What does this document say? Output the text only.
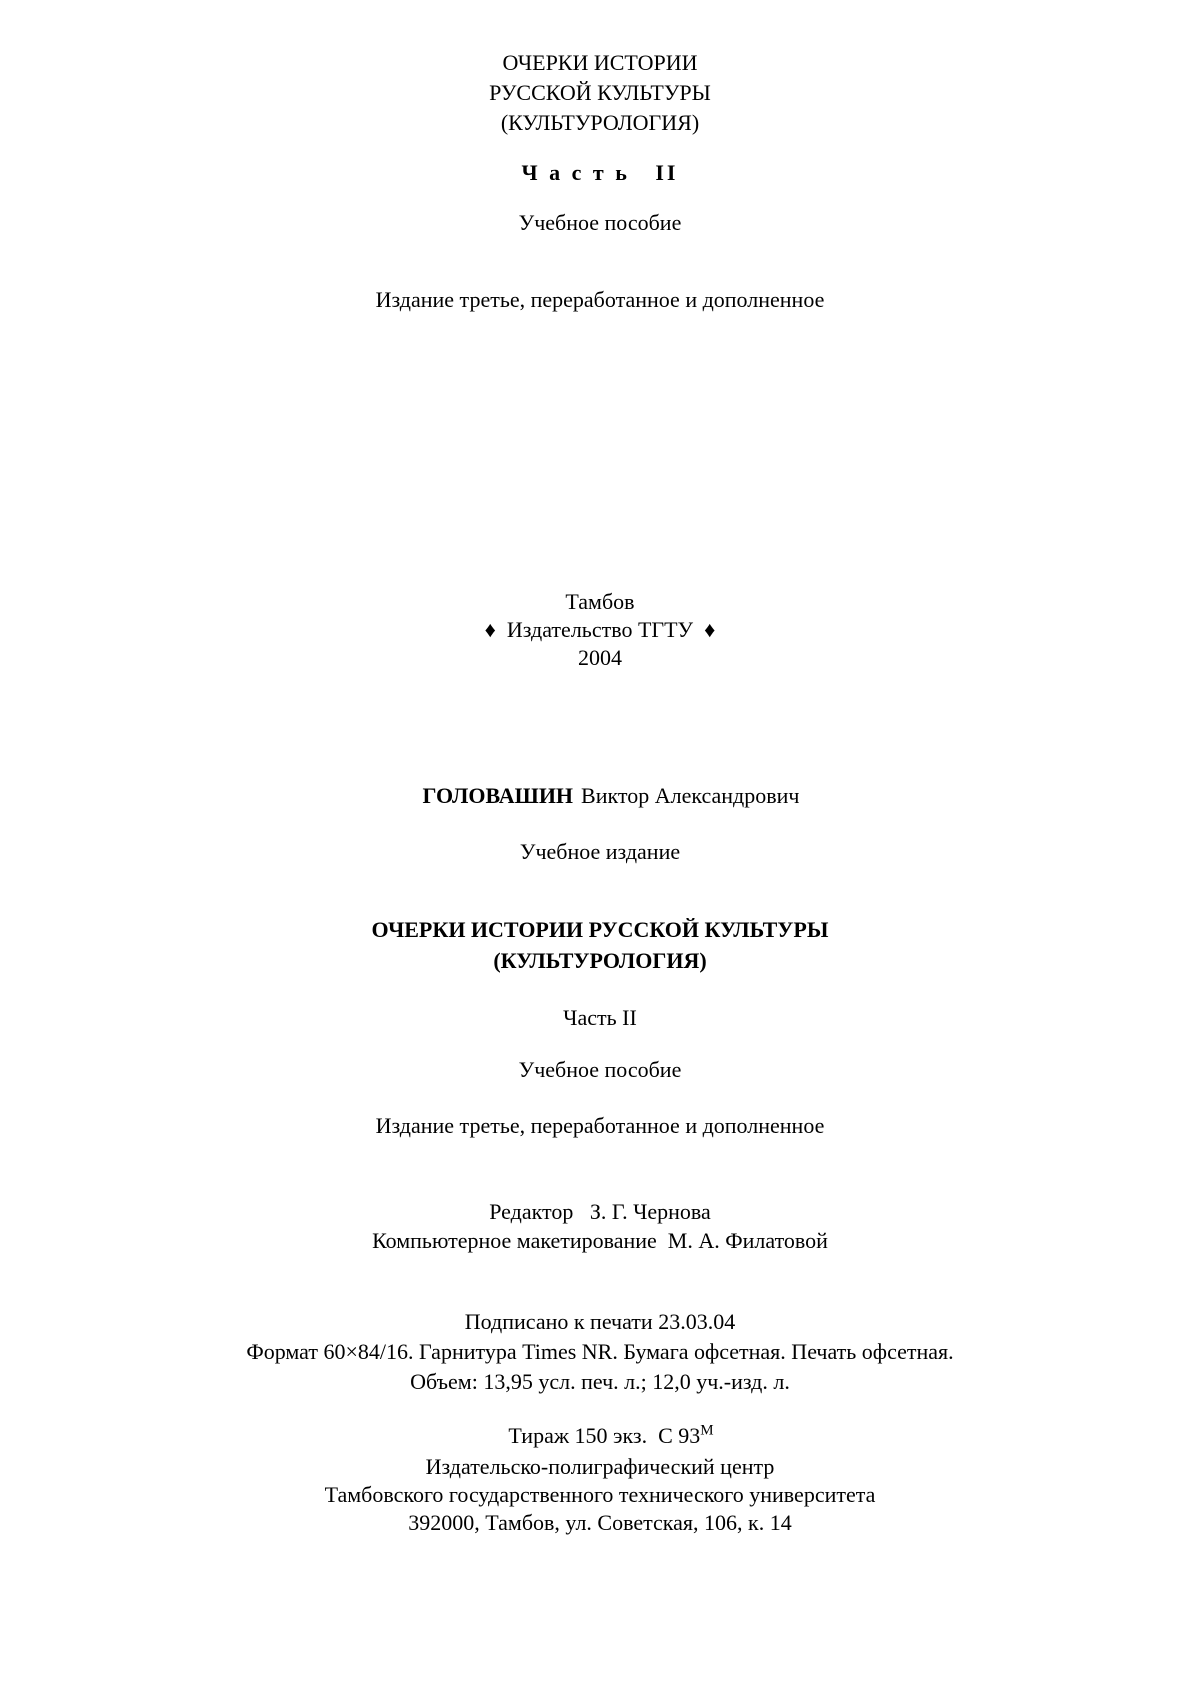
ОЧЕРКИ ИСТОРИИ
РУССКОЙ КУЛЬТУРЫ
(КУЛЬТУРОЛОГИЯ)
Ч а с т ь   II
Учебное пособие
Издание третье, переработанное и дополненное
Тамбов
♦  Издательство ТГТУ  ♦
2004

ГОЛОВАШИН Виктор Александрович

Учебное издание
ОЧЕРКИ ИСТОРИИ РУССКОЙ КУЛЬТУРЫ
(КУЛЬТУРОЛОГИЯ)
Часть II
Учебное пособие
Издание третье, переработанное и дополненное
Редактор   З. Г. Чернова
Компьютерное макетирование  М. А. Филатовой
Подписано к печати 23.03.04
Формат 60×84/16. Гарнитура Times NR. Бумага офсетная. Печать офсетная.
Объем: 13,95 усл. печ. л.; 12,0 уч.-изд. л.

Тираж 150 экз.  С $93^М$

Издательско-полиграфический центр
Тамбовского государственного технического университета
392000, Тамбов, ул. Советская, 106, к. 14
